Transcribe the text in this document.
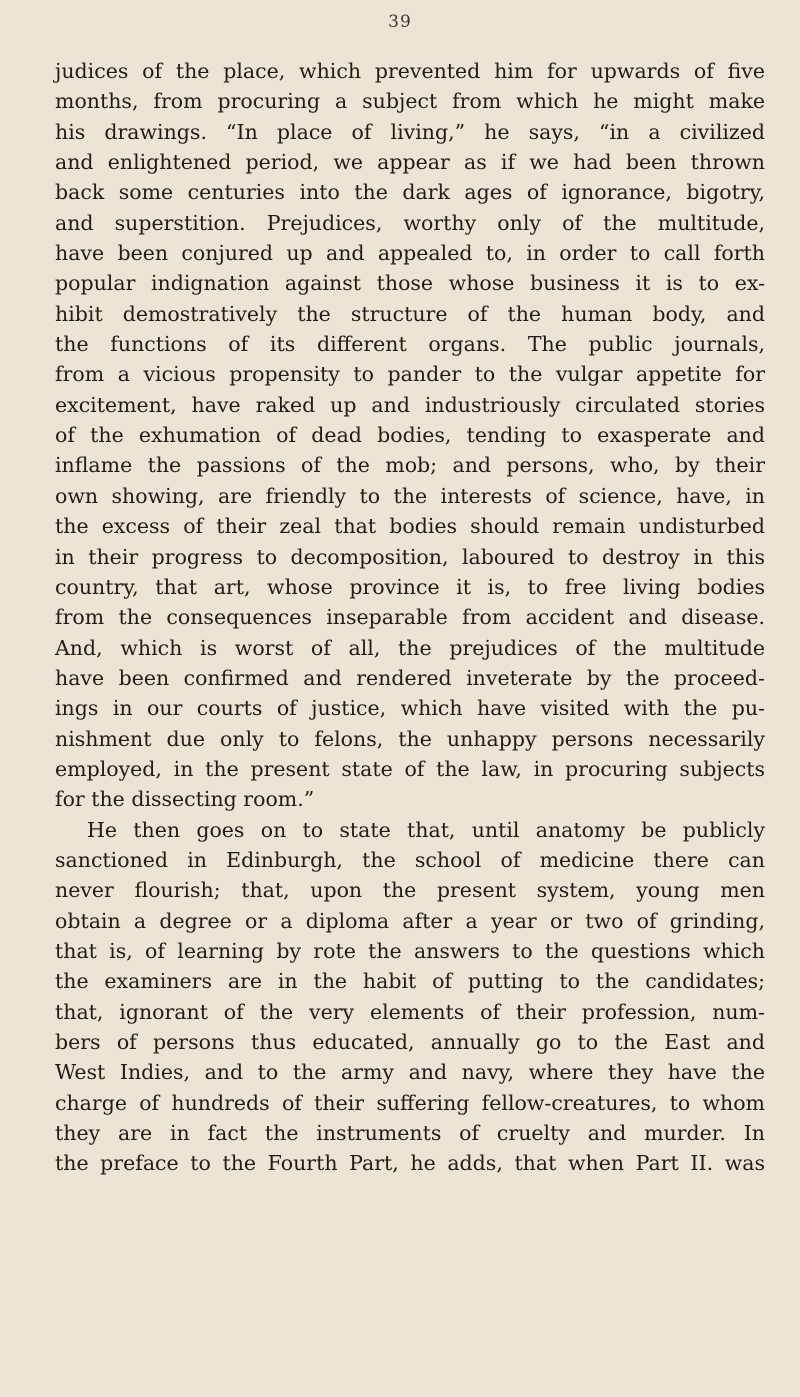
39
judices of the place, which prevented him for upwards of five
months, from procuring a subject from which he might make
his drawings. “In place of living,” he says, “in a civilized
and enlightened period, we appear as if we had been thrown
back some centuries into the dark ages of ignorance, bigotry,
and superstition. Prejudices, worthy only of the multitude,
have been conjured up and appealed to, in order to call forth
popular indignation against those whose business it is to ex-
hibit demostratively the structure of the human body, and
the functions of its different organs. The public journals,
from a vicious propensity to pander to the vulgar appetite for
excitement, have raked up and industriously circulated stories
of the exhumation of dead bodies, tending to exasperate and
inflame the passions of the mob; and persons, who, by their
own showing, are friendly to the interests of science, have, in
the excess of their zeal that bodies should remain undisturbed
in their progress to decomposition, laboured to destroy in this
country, that art, whose province it is, to free living bodies
from the consequences inseparable from accident and disease.
And, which is worst of all, the prejudices of the multitude
have been confirmed and rendered inveterate by the proceed-
ings in our courts of justice, which have visited with the pu-
nishment due only to felons, the unhappy persons necessarily
employed, in the present state of the law, in procuring subjects
for the dissecting room.”
He then goes on to state that, until anatomy be publicly
sanctioned in Edinburgh, the school of medicine there can
never flourish; that, upon the present system, young men
obtain a degree or a diploma after a year or two of grinding,
that is, of learning by rote the answers to the questions which
the examiners are in the habit of putting to the candidates;
that, ignorant of the very elements of their profession, num-
bers of persons thus educated, annually go to the East and
West Indies, and to the army and navy, where they have the
charge of hundreds of their suffering fellow-creatures, to whom
they are in fact the instruments of cruelty and murder. In
the preface to the Fourth Part, he adds, that when Part II. was
